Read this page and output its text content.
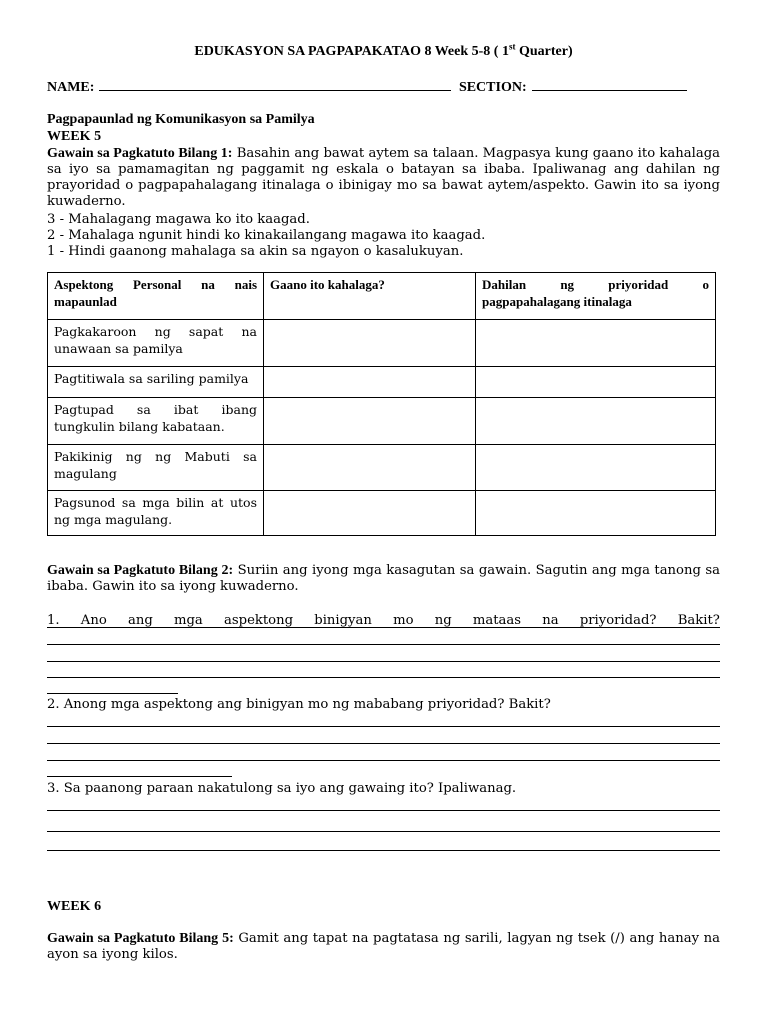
EDUKASYON SA PAGPAPAKATAO 8 Week 5-8 ( 1st Quarter)
NAME:	SECTION:
Pagpapaunlad ng Komunikasyon sa Pamilya
WEEK 5
Gawain sa Pagkatuto Bilang 1: Basahin ang bawat aytem sa talaan. Magpasya kung gaano ito kahalaga sa iyo sa pamamagitan ng paggamit ng eskala o batayan sa ibaba. Ipaliwanag ang dahilan ng prayoridad o pagpapahalagang itinalaga o ibinigay mo sa bawat aytem/aspekto. Gawin ito sa iyong kuwaderno.
3 - Mahalagang magawa ko ito kaagad.
2 - Mahalaga ngunit hindi ko kinakailangang magawa ito kaagad.
1 - Hindi gaanong mahalaga sa akin sa ngayon o kasalukuyan.
Aspektong Personal na nais mapaunlad	Gaano ito kahalaga?	Dahilan ng priyoridad o pagpapahalagang itinalaga
Pagkakaroon ng sapat na unawaan sa pamilya		
Pagtitiwala sa sariling pamilya		
Pagtupad sa ibat ibang tungkulin bilang kabataan.		
Pakikinig ng ng Mabuti sa magulang		
Pagsunod sa mga bilin at utos ng mga magulang.		
Gawain sa Pagkatuto Bilang 2: Suriin ang iyong mga kasagutan sa gawain. Sagutin ang mga tanong sa ibaba. Gawin ito sa iyong kuwaderno.
1. Ano ang mga aspektong binigyan mo ng mataas na priyoridad? Bakit?
2. Anong mga aspektong ang binigyan mo ng mababang priyoridad? Bakit?
3. Sa paanong paraan nakatulong sa iyo ang gawaing ito? Ipaliwanag.
WEEK 6
Gawain sa Pagkatuto Bilang 5: Gamit ang tapat na pagtatasa ng sarili, lagyan ng tsek (/) ang hanay na ayon sa iyong kilos.
